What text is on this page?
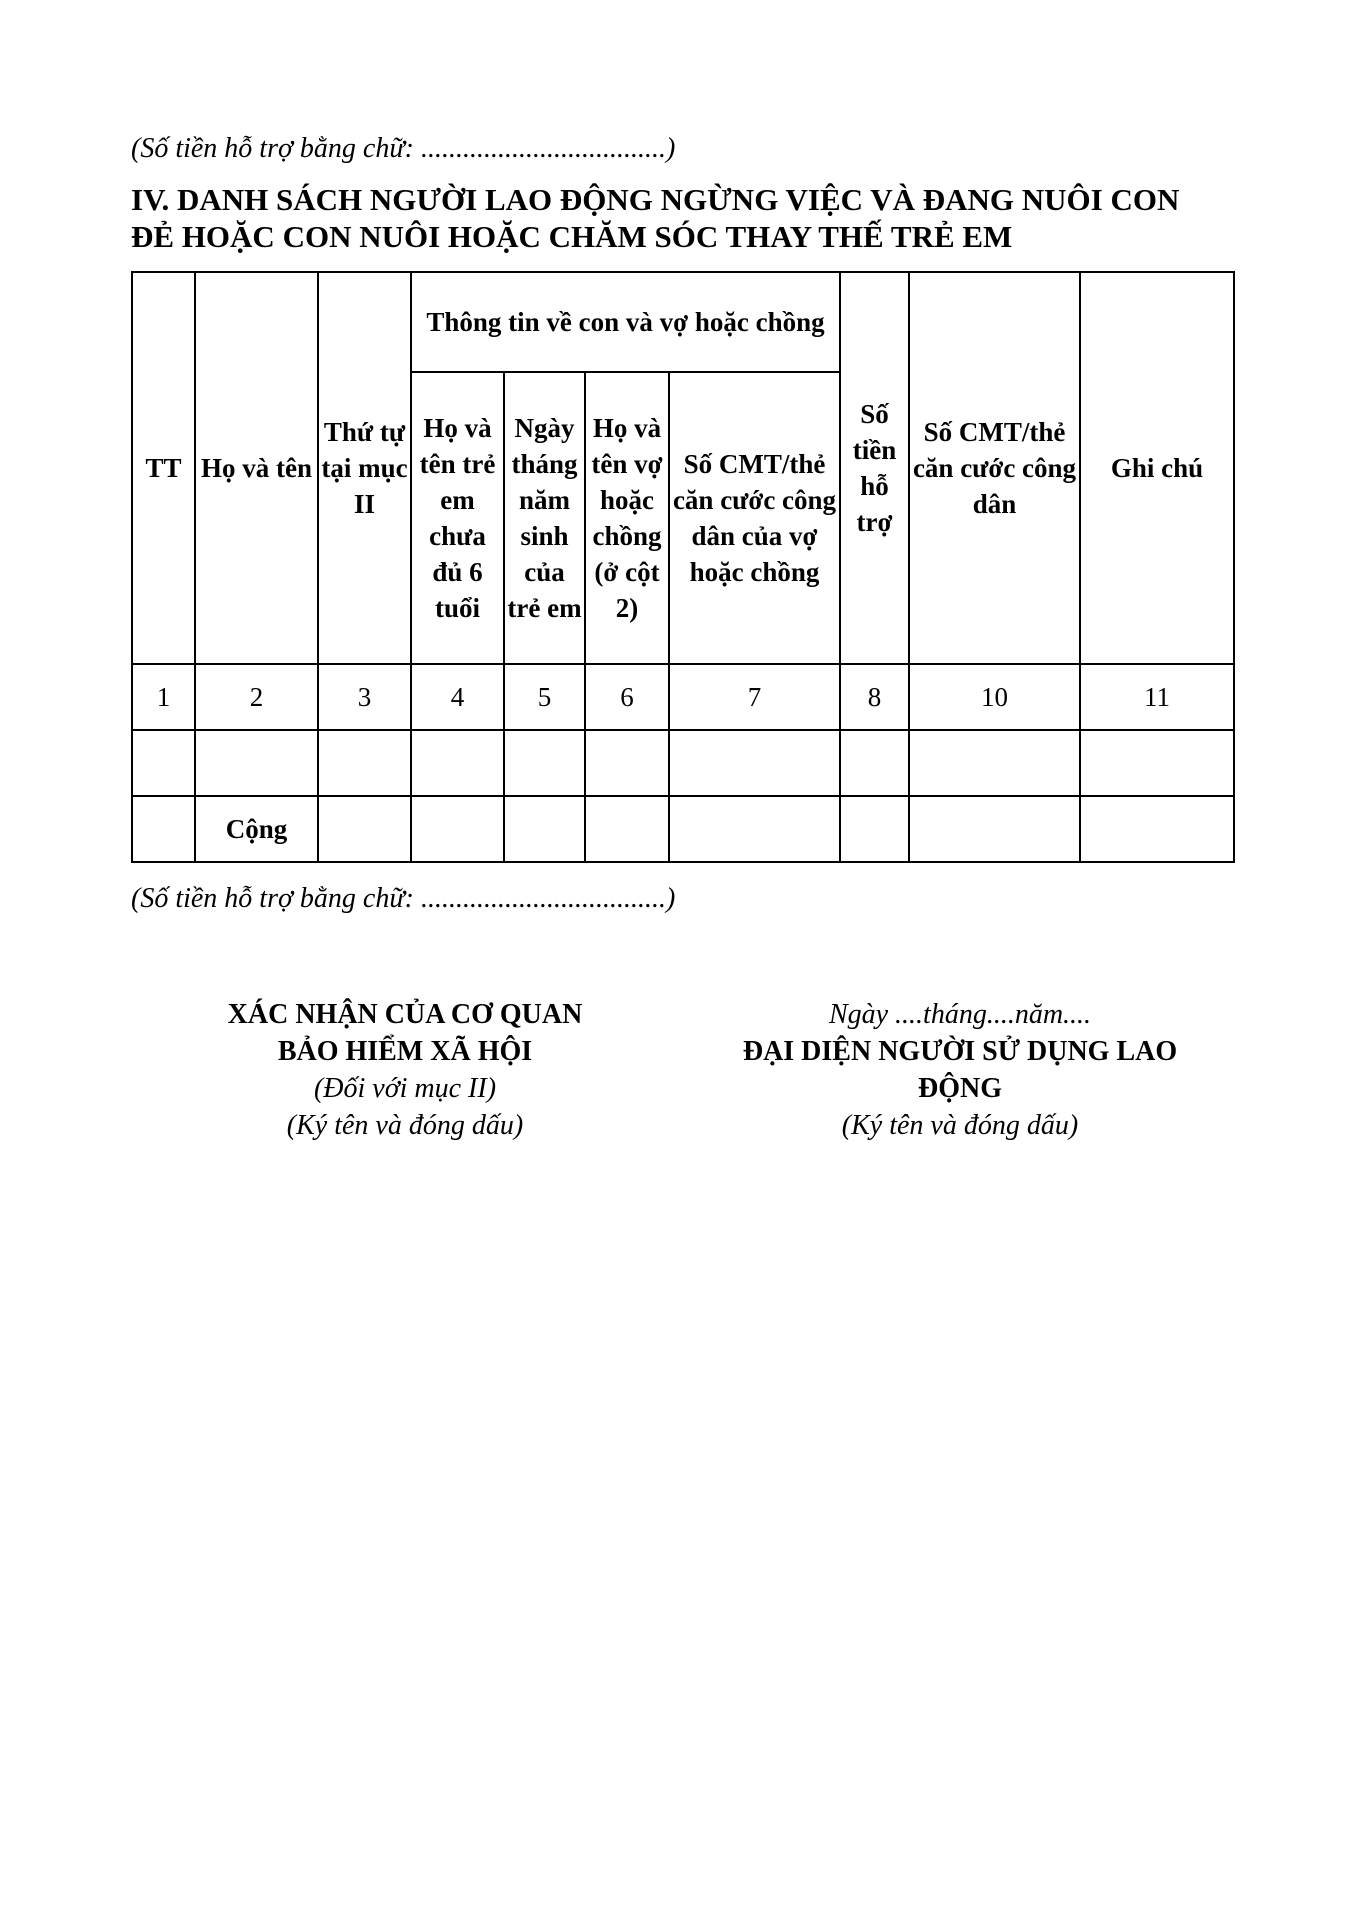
(Số tiền hỗ trợ bằng chữ: ...................................)
IV. DANH SÁCH NGƯỜI LAO ĐỘNG NGỪNG VIỆC VÀ ĐANG NUÔI CON
ĐẺ HOẶC CON NUÔI HOẶC CHĂM SÓC THAY THẾ TRẺ EM
TT	Họ và tên	Thứ tự tại mục II	Thông tin về con và vợ hoặc chồng				Số tiền hỗ trợ	Số CMT/thẻ căn cước công dân	Ghi chú
			Họ và tên trẻ em chưa đủ 6 tuổi	Ngày tháng năm sinh của trẻ em	Họ và tên vợ hoặc chồng (ở cột 2)	Số CMT/thẻ căn cước công dân của vợ hoặc chồng			
1	2	3	4	5	6	7	8	10	11

	Cộng								
(Số tiền hỗ trợ bằng chữ: ...................................)
XÁC NHẬN CỦA CƠ QUAN
BẢO HIỂM XÃ HỘI
(Đối với mục II)
(Ký tên và đóng dấu)
Ngày ....tháng....năm....
ĐẠI DIỆN NGƯỜI SỬ DỤNG LAO
ĐỘNG
(Ký tên và đóng dấu)
